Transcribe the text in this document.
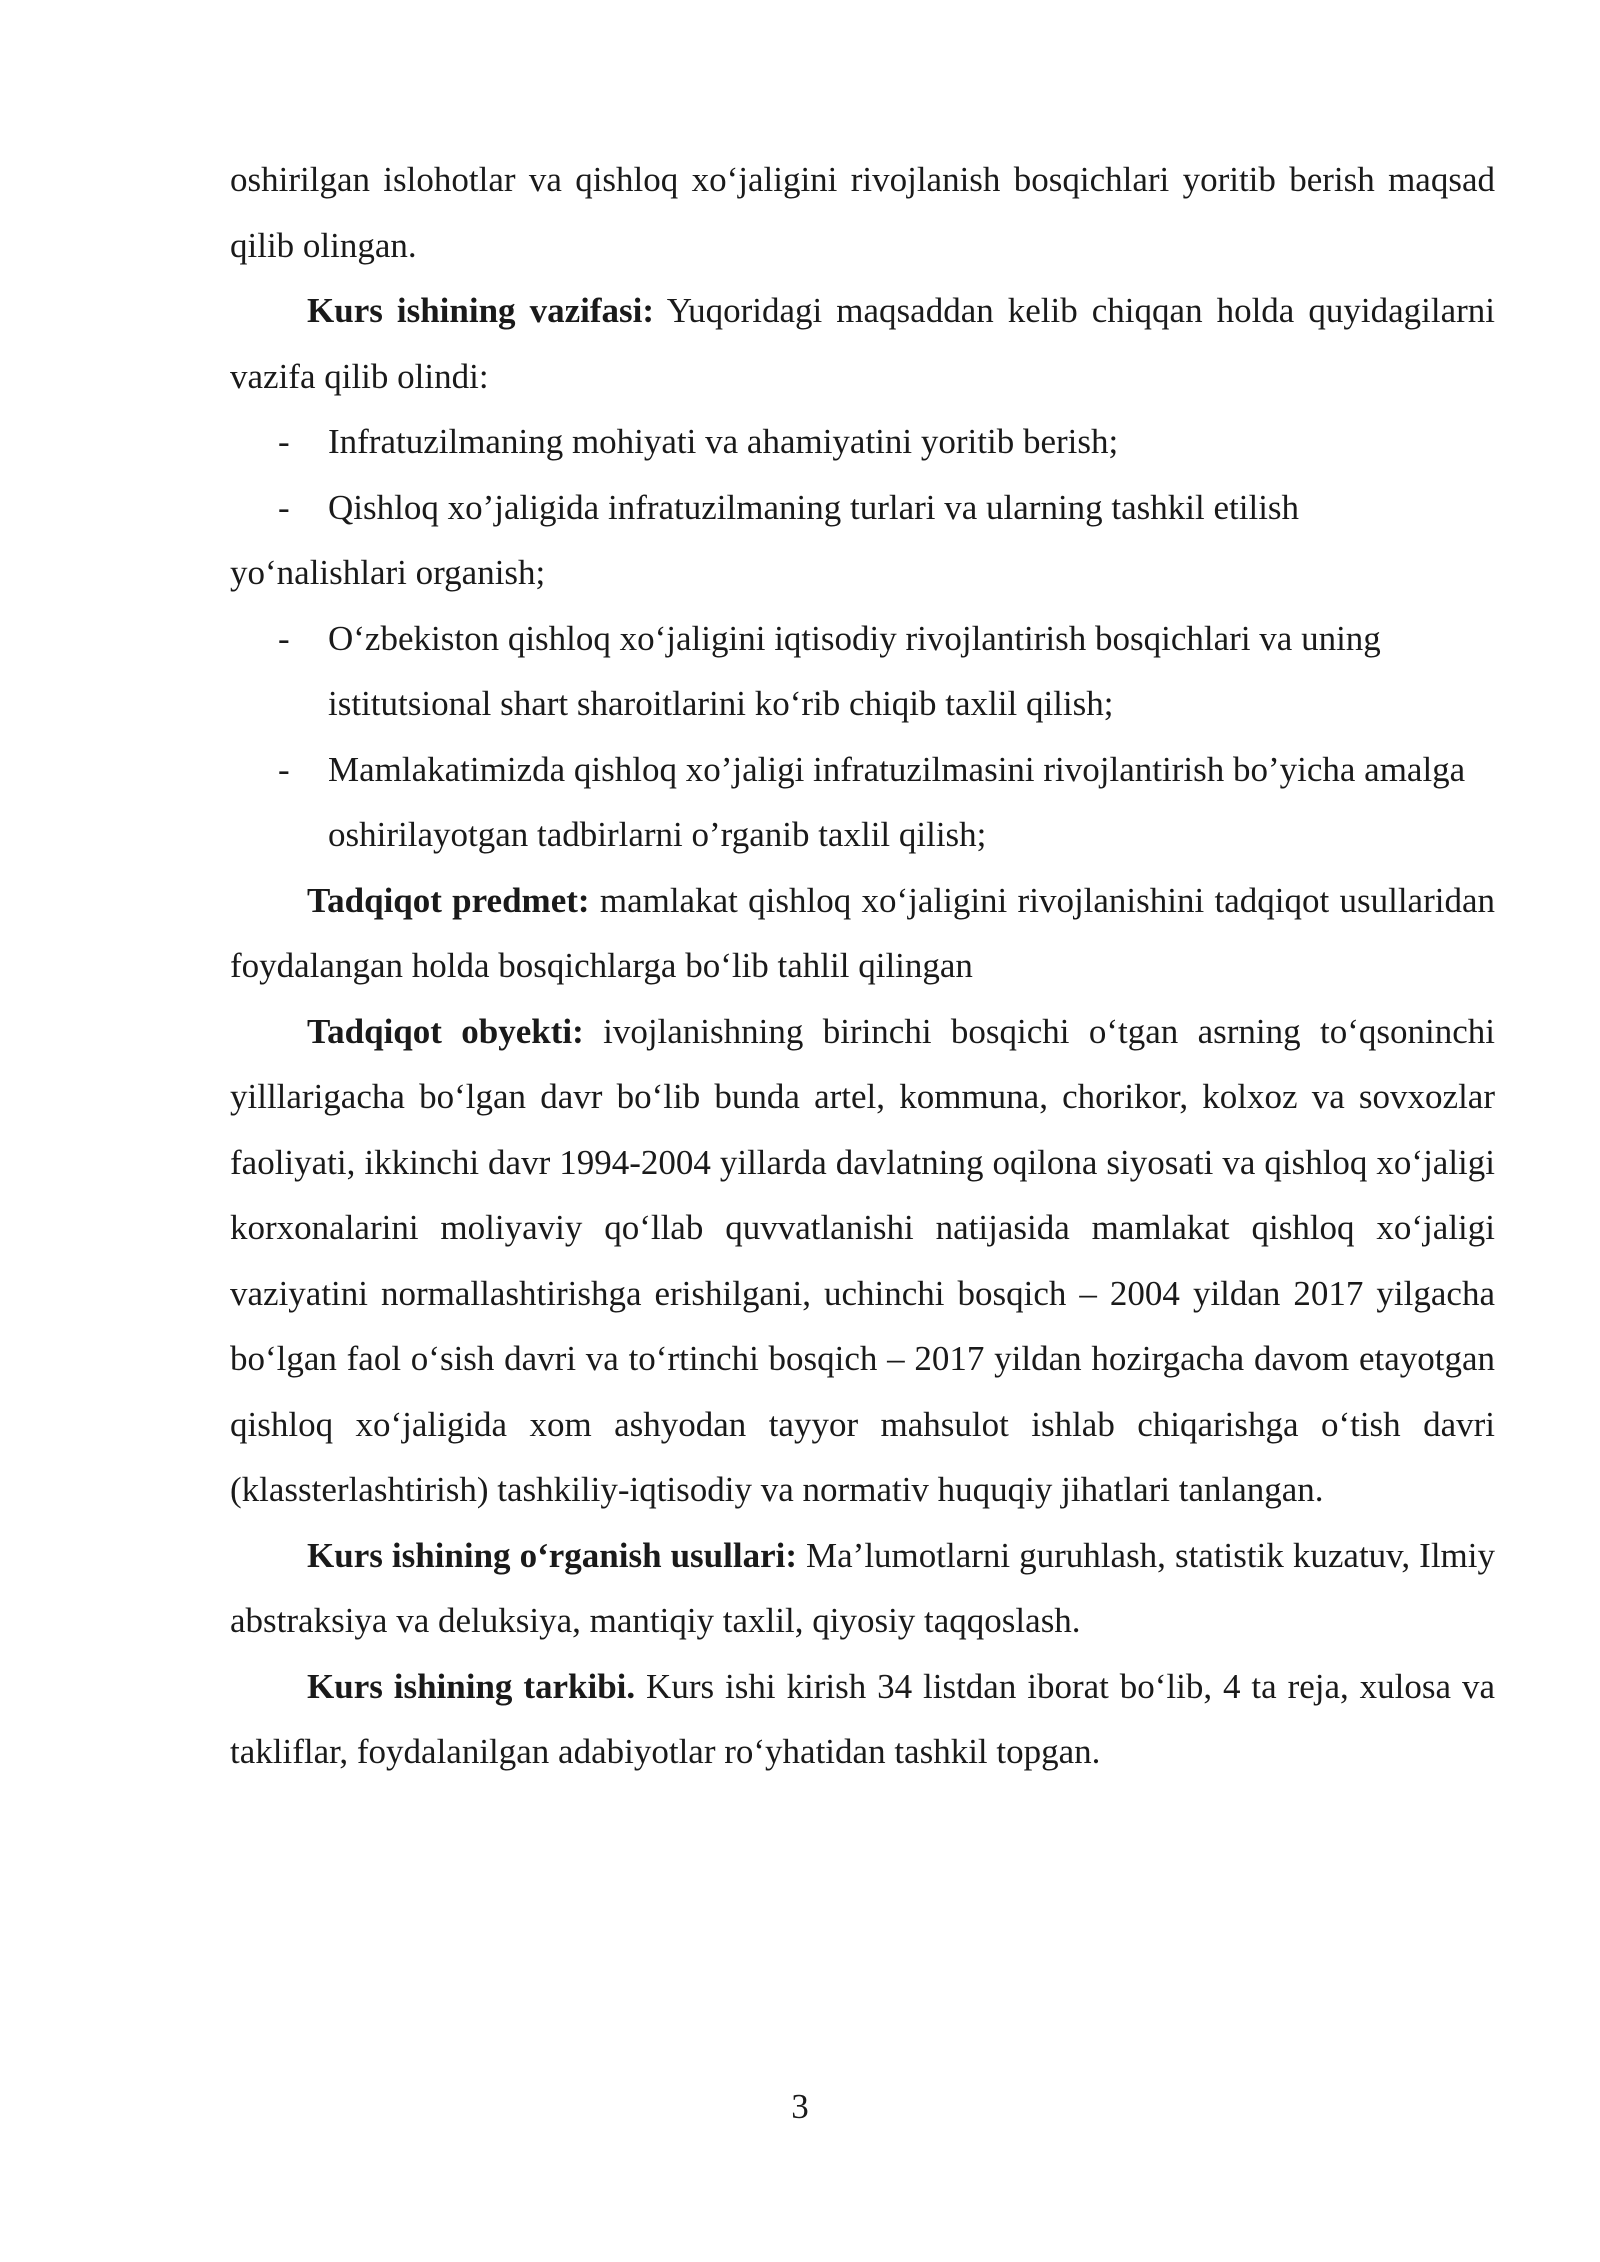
oshirilgan islohotlar va qishloq xo‘jaligini rivojlanish bosqichlari yoritib berish maqsad qilib olingan.

Kurs ishining vazifasi: Yuqoridagi maqsaddan kelib chiqqan holda quyidagilarni vazifa qilib olindi:

- Infratuzilmaning mohiyati va ahamiyatini yoritib berish;

- Qishloq xo’jaligida infratuzilmaning turlari va ularning tashkil etilish

yo‘nalishlari organish;

- O‘zbekiston qishloq xo‘jaligini iqtisodiy rivojlantirish bosqichlari va uning istitutsional shart sharoitlarini ko‘rib chiqib taxlil qilish;

- Mamlakatimizda qishloq xo’jaligi infratuzilmasini rivojlantirish bo’yicha amalga oshirilayotgan tadbirlarni o’rganib taxlil qilish;

Tadqiqot predmet: mamlakat qishloq xo‘jaligini rivojlanishini tadqiqot usullaridan foydalangan holda bosqichlarga bo‘lib tahlil qilingan

Tadqiqot obyekti: ivojlanishning birinchi bosqichi o‘tgan asrning to‘qsoninchi yilllarigacha bo‘lgan davr bo‘lib bunda artel, kommuna, chorikor, kolxoz va sovxozlar faoliyati, ikkinchi davr 1994-2004 yillarda davlatning oqilona siyosati va qishloq xo‘jaligi korxonalarini moliyaviy qo‘llab quvvatlanishi natijasida mamlakat qishloq xo‘jaligi vaziyatini normallashtirishga erishilgani, uchinchi bosqich – 2004 yildan 2017 yilgacha bo‘lgan faol o‘sish davri va to‘rtinchi bosqich – 2017 yildan hozirgacha davom etayotgan qishloq xo‘jaligida xom ashyodan tayyor mahsulot ishlab chiqarishga o‘tish davri (klassterlashtirish) tashkiliy-iqtisodiy va normativ huquqiy jihatlari tanlangan.

Kurs ishining o‘rganish usullari: Ma’lumotlarni guruhlash, statistik kuzatuv, Ilmiy abstraksiya va deluksiya, mantiqiy taxlil, qiyosiy taqqoslash.

Kurs ishining tarkibi. Kurs ishi kirish 34 listdan iborat bo‘lib, 4 ta reja, xulosa va takliflar, foydalanilgan adabiyotlar ro‘yhatidan tashkil topgan.

3
